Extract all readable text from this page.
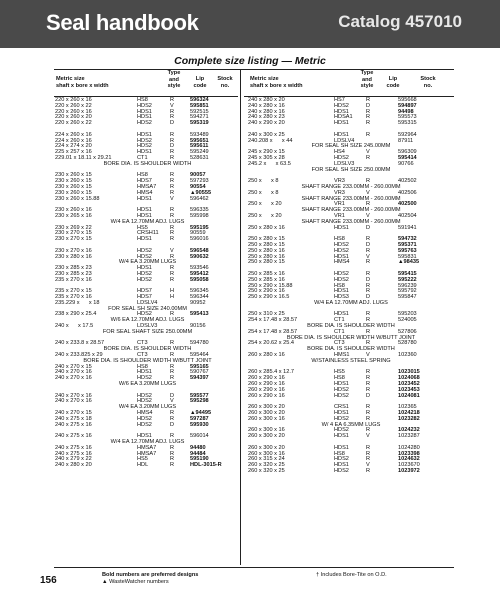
Seal handbook	Catalog 457010
Complete size listing — Metric
Metric size
shaft x bore x width
Type
and
style
Lip
code
Stock
no.
Metric size
shaft x bore x width
Type
and
style
Lip
code
Stock
no.
220 x 260 x 16	HS8	R	596324
220 x 260 x 22	HDS2	V	595851
220 x 260 x 16	HDS1	R	592515
220 x 260 x 20	HDS1	R	594271
220 x 260 x 22	HDS2	D	595319
224 x 260 x 16	HDS1	R	593489
224 x 260 x 16	HDS2	R	595651
224 x 274 x 20	HDS2	D	595611
225 x 257 x 16	HDS1	R	595249
229.01 x 18.11 x 29.21	CT1	R	528631
BORE DIA. IS SHOULDER WIDTH
230 x 260 x 15	HS8	R	90057
230 x 260 x 15	HDS7	R	597293
230 x 260 x 15	HMSA7 R	90554
230 x 260 x 15	HMS4	R	▲90555
230 x 260 x 15.88	HDS1	V	596462
230 x 260 x 16	HDS1	R	596335
230 x 265 x 16	HDS1	R	595998
W/4 EA 12.70MM ADJ. LUGS
230 x 269 x 22	HS5	R	595195
230 x 270 x 15	CRSH11 R	90559
230 x 270 x 15	HDS1	R	596016
230 x 270 x 16	HDS2	V	596548
230 x 280 x 16	HDS2	R	590632
W/4 EA 3.20MM LUGS
230 x 285 x 23	HDS1	R	593546
230 x 285 x 23	HDS2	R	595412
235 x 270 x 16	HDS2	R	595058
235 x 270 x 15	HDS7	H	596345
235 x 270 x 16	HDS7	H	596344
235.229 x      x 18	LDSLV4	90952
FOR SEAL SH SIZE 240.00MM
238 x 290 x 25.4	HDS2	R	595413
W/6 EA 12.70MM ADJ. LUGS
240 x      x 17.5	LDSLV3	90156
FOR SEAL SHAFT SIZE 250.00MM
240 x 233.8 x 28.57	CT3	R	594780
BORE DIA. IS SHOULDER WIDTH
240 x 233.825 x 29	CT3	R	595464
BORE DIA. IS SHOULDER WIDTH W/BUTT JOINT
240 x 270 x 15	HS8	R	595165
240 x 270 x 16	HDS1	R	590767
240 x 270 x 16	HDS2	R	594397
W/6 EA 3.20MM LUGS
240 x 270 x 16	HDS2	D	595577
240 x 270 x 16	HDS2	V	595298
W/4 EA 3.20MM LUGS
240 x 270 x 15	HMS4	R	▲94495
240 x 275 x 18	HDS2	R	597287
240 x 275 x 16	HDS2	D	595930
240 x 275 x 16	HDS1	R	596014
W/4 EA 12.70MM ADJ. LUGS
240 x 275 x 16	HMSA7 R	94480
240 x 275 x 16	HMSA7 R	94484
240 x 279 x 22	HS5	R	595190
240 x 280 x 20	HDL	R	HDL-3015-R
240 x 280 x 20	HS7	R	595668
240 x 280 x 16	HDS2	D	594897
240 x 280 x 16	HDS1	R	94498
240 x 280 x 23	HDSA1 R	595573
240 x 290 x 20	HDS1	R	595315
240 x 300 x 25	HDS1	R	592964
240.208 x      x 44	LDSLV4	87911
FOR SEAL SH SIZE 245.00MM
245 x 290 x 15	HS4	V	596309
245 x 305 x 28	HDS2	R	595414
245.2 x      x 63.5	LDSLV3	90766
FOR SEAL SH SIZE 250.00MM
250 x      x 8	VR3	R	402502
SHAFT RANGE 233.00MM - 260.00MM
250 x      x 8	VR3	V	402506
SHAFT RANGE 233.00MM - 260.00MM
250 x      x 20	VR1	R	402500
SHAFT RANGE 233.00MM - 260.00MM
250 x      x 20	VR1	V	402504
SHAFT RANGE 233.00MM - 260.00MM
250 x 280 x 16	HDS1	D	591941
250 x 280 x 15	HS8	R	594732
250 x 280 x 15	HDS2	D	595371
250 x 280 x 16	HDS2	R	595763
250 x 280 x 16	HDS1	V	595831
250 x 280 x 15	HMS4	R	▲98435
250 x 285 x 16	HDS2	R	595415
250 x 285 x 16	HDS2	D	595222
250 x 290 x 15.88	HS8	R	596239
250 x 290 x 16	HDS1	R	595792
250 x 290 x 16.5	HDS3	D	595847
W/4 EA 12.70MM ADJ. LUGS
250 x 310 x 25	HDS1	R	595203
254 x 17.48 x 28.57	CT1	R	524005
BORE DIA. IS SHOULDER WIDTH
254 x 17.48 x 28.57	CT1	R	527806
BORE DIA. IS SHOULDER WIDTH W/BUTT JOINT
254 x 20.62 x 25.4	CT3	R	528780
BORE DIA. IS SHOULDER WIDTH
260 x 280 x 16	HMS1	V	102360
W/STAINLESS STEEL SPRING
260 x 285.4 x 12.7	HS5	R	1023015
260 x 290 x 16	HS8	R	1024068
260 x 290 x 16	HDS1	R	1023452
260 x 290 x 16	HDS2	R	1023453
260 x 290 x 16	HDS2	D	1024081
260 x 300 x 20	CRS1	R	102365
260 x 300 x 20	HDS1	R	1024218
260 x 300 x 16	HDS2	R	1023282
W/ 4 EA 6.35MM LUGS
260 x 300 x 16	HDS2	R	1024232
260 x 300 x 20	HDS1	V	1023287
260 x 300 x 20	HDS1	R	1024280
260 x 300 x 16	HS8	R	1023398
260 x 315 x 24	HDS2	R	1024632
260 x 320 x 25	HDS1	V	1023670
260 x 320 x 25	HDS2	R	1023972
156	Bold numbers are preferred designs
▲ WasteWatcher numbers
† Includes Bore-Tite on O.D.
